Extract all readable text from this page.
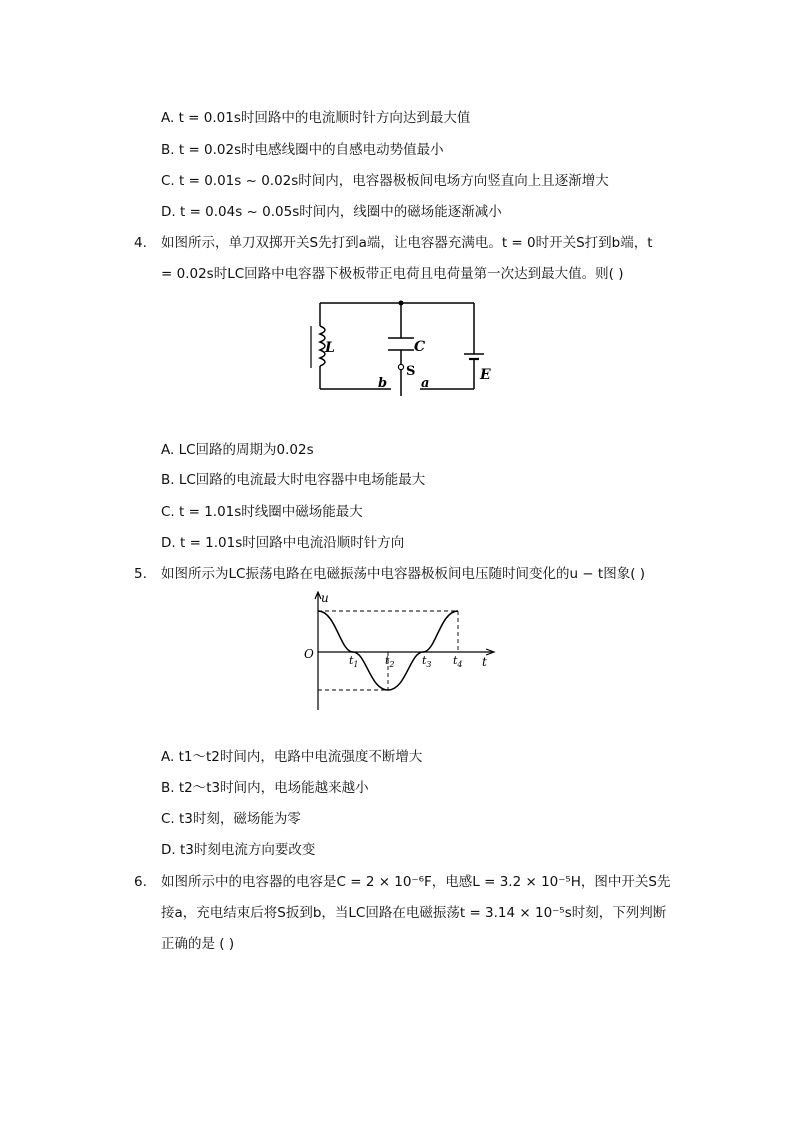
A. t = 0.01s时回路中的电流顺时针方向达到最大值
B. t = 0.02s时电感线圈中的自感电动势值最小
C. t = 0.01s ~ 0.02s时间内，电容器极板间电场方向竖直向上且逐渐增大
D. t = 0.04s ~ 0.05s时间内，线圈中的磁场能逐渐减小
4. 如图所示，单刀双掷开关S先打到a端，让电容器充满电。t = 0时开关S打到b端，t
= 0.02s时LC回路中电容器下极板带正电荷且电荷量第一次达到最大值。则( )
L	C
S
b	a
E
A. LC回路的周期为0.02s
B. LC回路的电流最大时电容器中电场能最大
C. t = 1.01s时线圈中磁场能最大
D. t = 1.01s时回路中电流沿顺时针方向
5. 如图所示为LC振荡电路在电磁振荡中电容器极板间电压随时间变化的u − t图象( )
u
t
O	$t_1$ $t_2$ $t_3$ $t_4$
A. t1～t2时间内，电路中电流强度不断增大
B. t2～t3时间内，电场能越来越小
C. t3时刻，磁场能为零
D. t3时刻电流方向要改变
6. 如图所示中的电容器的电容是C = 2 × 10⁻⁶F，电感L = 3.2 × 10⁻⁵H，图中开关S先
接a，充电结束后将S扳到b，当LC回路在电磁振荡t = 3.14 × 10⁻⁵s时刻，下列判断
正确的是 ( )
